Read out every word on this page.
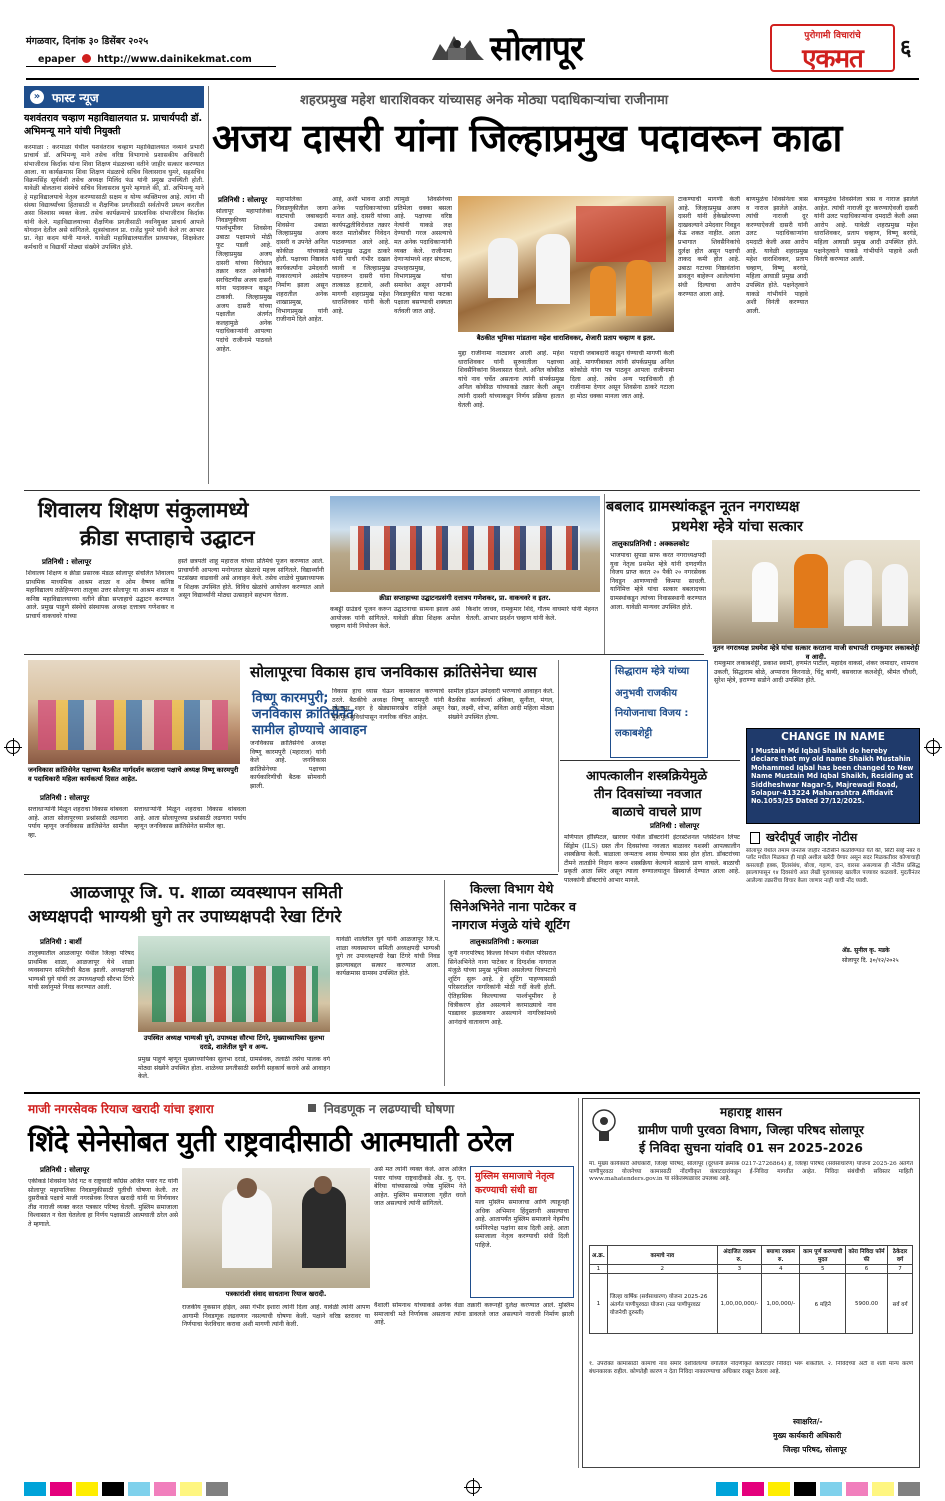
मंगळवार, दिनांक ३० डिसेंबर २०२५
epaper http://www.dainikekmat.com	सोलापूर	पुरोगामी विचारांचे
एकमत	६
» फास्ट न्यूज
यशवंतराव चव्हाण महाविद्यालयात प्र. प्राचार्यपदी डॉ. अभिमन्यू माने यांची नियुक्ती
करमाळा : करमाळा येथील यशवंतराव चव्हाण महाविद्यालयात नव्याने प्रभारी प्राचार्य डॉ. अभिमन्यू माने तसेच वरिष्ठ विभागाचे प्रशासकीय अधिकारी संभाजीराव किर्दाक यांना शिवा शिक्षण मंडळाच्या वतीने जाहीर सत्कार करण्यात आला. या कार्यक्रमास शिवा शिक्षण मंडळाचे सचिव विलासराव घुमरे, सहसचिव विक्रमसिंह सूर्यवंशी तसेच अध्यक्ष मिलिंद फंड यांनी प्रमुख उपस्थिती होती. यावेळी बोलताना संस्थेचे सचिव विलासराव घुमरे म्हणाले की, डॉ. अभिमन्यू माने हे महाविद्यालयाचे नेतृत्व करण्यासाठी सक्षम व योग्य व्यक्तिमत्त्व आहे. त्यांना मी संस्था विद्यार्थ्यांच्या हितासाठी व शैक्षणिक प्रगतीसाठी सर्वतोपरी प्रयत्न करतील असा विश्वास व्यक्त केला. तसेच कार्यक्रमाचे प्रास्ताविक संभाजीराव किर्दाक यांनी केले. महाविद्यालयाच्या शैक्षणिक प्रगतीसाठी नवनियुक्त प्राचार्य आपले योगदान देतील असे सांगितले. सूत्रसंचालन प्रा. राजेंद्र घुमरे यांनी केले तर आभार प्रा. नेहा कदम यांनी मानले. यावेळी महाविद्यालयातील प्राध्यापक, शिक्षकेतर कर्मचारी व विद्यार्थी मोठ्या संख्येने उपस्थित होते.
शहरप्रमुख महेश धाराशिवकर यांच्यासह अनेक मोठ्या पदाधिकाऱ्यांचा राजीनामा
अजय दासरी यांना जिल्हाप्रमुख पदावरून काढा
प्रतिनिधी : सोलापूर
सोलापूर महापालिका निवडणुकीच्या पार्श्वभूमीवर शिवसेना उबाठा पक्षामध्ये मोठी फूट पडली आहे. जिल्हाप्रमुख अजय दासरी यांच्या विरोधात तक्रार करत अनेकांनी सरचिटणीस अजय दासरी यांना पदावरून काढून टाकावी. जिल्हाप्रमुख अजय दासरी यांच्या पक्षातील अंतर्गत कलहामुळे अनेक पदाधिकाऱ्यांनी आपल्या पदांचे राजीनामे पाठवले आहेत.
महापालिका निवडणुकीतील जागा वाटपाची जबाबदारी शिवसेना उबाठा जिल्हाप्रमुख अजय दासरी व उपनेते अनिल कोकीळ यांच्याकडे होती. पक्षाच्या निष्ठावंत कार्यकर्त्यांना उमेदवारी नाकारल्याने असंतोष निर्माण झाला असून शहरातील अनेक शाखाप्रमुख, विभागप्रमुख यांनी राजीनामे दिले आहेत.
आहे, अशी भावना आदी अनेक पदाधिकाऱ्यांच्या मनात आहे. दासरी यांच्या कार्यपद्धतीविरोधात तक्रार करत मातोश्रीवर निवेदन पाठवण्यात आले आहे. पक्षप्रमुख उद्धव ठाकरे यांनी याची गंभीर दखल घ्यावी व जिल्हाप्रमुख पदावरून दासरी यांना तात्काळ हटवावे, अशी मागणी शहरप्रमुख महेश धाराशिवकर यांनी केली आहे.
त्यामुळे शिवसेनेच्या प्रतिमेला धक्का बसला आहे. पक्षाच्या वरिष्ठ नेत्यांनी याकडे लक्ष देण्याची गरज असल्याचे मत अनेक पदाधिकाऱ्यांनी व्यक्त केले. राजीनामा देणाऱ्यांमध्ये शहर संघटक, उपशहरप्रमुख, विभागप्रमुख यांचा समावेश असून आगामी निवडणुकीत याचा फटका पक्षाला बसण्याची शक्यता वर्तवली जात आहे.
बैठकीत भूमिका मांडताना महेश धाराशिवकर, शेजारी प्रताप चव्हाण व इतर.
टाकण्याची मागणी केली आहे. जिल्हाप्रमुख अजय दासरी यांनी हेकेखोरपणा दाखवल्याने उमेदवार निवडून येऊ शकत नाहीत. आता प्रभागात शिवसैनिकांचे दुर्लक्ष होत असून पक्षाची ताकद कमी होत आहे. उबाठा गटाच्या निष्ठावंतांना डावलून बाहेरून आलेल्यांना संधी दिल्याचा आरोप करण्यात आला आहे.
बाणमुळेच शिवसेनेला त्रास व नाराज झालेले आहेत. त्यांची नाराजी दूर करण्याऐवजी दासरी यांनी उलट पदाधिकाऱ्यांना दमदाटी केली असा आरोप आहे. यावेळी शहरप्रमुख महेश धाराशिवकर, प्रताप चव्हाण, विष्णू बरगंडे, महिला आघाडी प्रमुख आदी उपस्थित होते. पक्षनेतृत्वाने याकडे गांभीर्याने पाहावे अशी विनंती करण्यात आली.
बाणमुळेच शिवसेनेला त्रास व नाराज झालेले आहेत. त्यांची नाराजी दूर करण्याऐवजी दासरी यांनी उलट पदाधिकाऱ्यांना दमदाटी केली असा आरोप आहे. यावेळी शहरप्रमुख महेश धाराशिवकर, प्रताप चव्हाण, विष्णू बरगंडे, महिला आघाडी प्रमुख आदी उपस्थित होते. पक्षनेतृत्वाने याकडे गांभीर्याने पाहावे अशी विनंती करण्यात आली.
मुद्दा राजीनामा नाट्यावर आली आहे. महेश धाराशिवकर यांनी सुरुवातीला पक्षाच्या शिवसैनिकांना विश्वासात घेतले. अनिल कोकीळ यांचे नाव चर्चेत असताना त्यांनी संपर्कप्रमुख अनिल कोकीळ यांच्याकडे तक्रार केली असून त्यांनी दासरी यांच्याकडून निर्णय प्रक्रिया हातात घेतली आहे.
पदाची जबाबदारी काढून घेण्याची मागणी केली आहे. मागणीबाबत त्यांनी संपर्कप्रमुख अनिल कोकोळे यांना पत्र पाठवून आपला राजीनामा दिला आहे. तसेच अन्य पदाधिकारी ही राजीनामा देणार असून शिवसेना ठाकरे गटाला हा मोठा धक्का मानला जात आहे.
शिवालय शिक्षण संकुलामध्ये
क्रीडा सप्ताहाचे उद्घाटन
प्रतिनिधी : सोलापूर
शिवालय शिक्षण व क्रीडा प्रसारक मंडळ सोलापूर संचलित शिवालय प्राथमिक माध्यमिक आश्रम शाळा व ओम वैष्णव कनिष्ठ महाविद्यालय तळेहिप्परगा तालुका उत्तर सोलापूर या आश्रम शाळा व कनिष्ठ महाविद्यालयाच्या वतीने क्रीडा सप्ताहाचे उद्घाटन करण्यात आले. प्रमुख पाहुणे संस्थेचे संस्थापक अध्यक्ष दत्तात्रय गणेशकर व प्राचार्य वाकचवरे यांच्या
हस्ते छत्रपती शाहू महाराज यांच्या प्रतिमेचे पूजन करण्यात आले. प्राचार्यांनी आपल्या मनोगतात खेळाचे महत्त्व सांगितले. विद्यार्थ्यांनी पटसंख्या वाढवावी असे आवाहन केले. तसेच शाळेचे मुख्याध्यापक व शिक्षक उपस्थित होते. विविध खेळांचे आयोजन करण्यात आले असून विद्यार्थ्यांनी मोठ्या उत्साहाने सहभाग घेतला.	क्रीडा सप्ताहाच्या उद्घाटनप्रसंगी दत्तात्रय गणेशकर, प्रा. वाकचवरे व इतर.
कबड्डी ग्राउंडचे पूजन करून उद्घाटनाचा सामना झाला असे आयोजक यांनी सांगितले. यावेळी क्रीडा शिक्षक अमोल चव्हाण यांनी नियोजन केले.
किशोर जाधव, रामकुमार शिंदे, गौतम वाघमारे यांनी मेहनत घेतली. आभार प्रदर्शन चव्हाण यांनी केले.
बबलाद ग्रामस्थांकडून नूतन नगराध्यक्ष
प्रथमेश म्हेत्रे यांचा सत्कार
तालुकाप्रतिनिधी : अक्कलकोट
भाजपाचा सुपडा साफ करत नगराध्यक्षपदी युवा नेतृत्व प्रथमेश म्हेत्रे यांनी दणदणीत विजय प्राप्त करत २० पैकी २० नगरसेवक निवडून आणण्याची किमया साधली. यानिमित्त म्हेत्रे यांचा सत्कार बबलादच्या ग्रामस्थांकडून त्यांच्या निवासस्थानी करण्यात आला. यावेळी मान्यवर उपस्थित होते.
नूतन नगराध्यक्ष प्रथमेश म्हेत्रे यांचा सत्कार करताना माजी सभापती रामकुमार लकाबशेट्टी व आदी.
जनविकास क्रांतिसेनेत पक्षाच्या बैठकीत मार्गदर्शन करताना पक्षाचे अध्यक्ष विष्णू कारमपुरी व पदाधिकारी महिला कार्यकर्त्या दिसत आहेत.
प्रतिनिधी : सोलापूर
सत्ताधाऱ्यांनी मिळून शहराचा विकास थांबवला आहे. आता सोलापूरच्या प्रश्नांसाठी लढणारा पर्याय म्हणून जनविकास क्रांतिसेनेत सामील व्हा.
सोलापूरचा विकास हाच जनविकास क्रांतिसेनेचा ध्यास
विष्णू कारमपुरी;
जनविकास क्रांतिसेनेत
सामील होण्याचे आवाहन
जनविकास क्रांतिसेनेचे अध्यक्ष विष्णू कारमपुरी (महाराज) यांनी केले आहे. जनविकास क्रांतिसेनेच्या पक्षाच्या कार्यकारिणीची बैठक सोमवारी झाली.
सत्ताधाऱ्यांनी मिळून शहराचा विकास थांबवला आहे. आता सोलापूरच्या प्रश्नांसाठी लढणारा पर्याय म्हणून जनविकास क्रांतिसेनेत सामील व्हा.
विकास हाच ध्यास घेऊन कामकाज करण्याचे ठरले. बैठकीचे अध्यक्ष विष्णू कारमपुरी यांनी सोलापूर शहर हे खेड्यासारखेच राहिले असून मूलभूत सुविधांपासून नागरिक वंचित आहेत.
सामील होऊन उमेदवारी भरण्याचे आवाहन केले. बैठकीस कार्यकर्त्या अंबिका, सुनीता, मंगल, रेखा, लक्ष्मी, शोभा, सविता आदी महिला मोठ्या संख्येने उपस्थित होत्या.
सिद्धाराम म्हेत्रे यांच्या
अनुभवी राजकीय
नियोजनाचा विजय :
लकाबशेट्टी
रामकुमार लकाबशेट्टी, प्रकाश स्वामी, हणमंत पाटील, महादेव वाकसे, शंकर जमादार, शामराव उकली, सिद्धाराम बोळे, अप्पाराव किरनाळे, चिंटू बाणी, बसवराज कलशेट्टी, श्रीमंत चौधरी, सुरेश म्हेत्रे, इराण्णा सडोने आदी उपस्थित होते.
आपत्कालीन शस्त्रक्रियेमुळे
तीन दिवसांच्या नवजात
बाळाचे वाचले प्राण
प्रतिनिधी : सोलापूर
मणिपाल हॉस्पिटल, खारघर येथील डॉक्टरांनी इंटरस्टेशनल प्लेसेंटेशन लिफ्ट सिंड्रोम (ILS) ग्रस्त तीन दिवसांच्या नवजात बाळावर यशस्वी आपत्कालीन शस्त्रक्रिया केली. बाळाला जन्मतःच श्वास घेण्यास त्रास होत होता. डॉक्टरांच्या टीमने तातडीने निदान करून शस्त्रक्रिया केल्याने बाळाचे प्राण वाचले. बाळाची प्रकृती आता स्थिर असून त्याला रुग्णालयातून डिस्चार्ज देण्यात आला आहे. पालकांनी डॉक्टरांचे आभार मानले.
CHANGE IN NAME
I Mustain Md Iqbal Shaikh do hereby declare that my old name Shaikh Mustahin Mohammed Iqbal has been changed to New Name Mustain Md Iqbal Shaikh, Residing at Siddheshwar Nagar-5, Majrewadi Road, Solapur-413224 Maharashtra Affidavit No.1053/25 Dated 27/12/2025.
खरेदीपूर्व जाहीर नोटीस
सोलापूर येथील तमाम जनतेस जाहीर नोटीसीने कळविण्यात येते की, सिटी सर्व्हे नंबर व प्लॉट मधील मिळकत ही माझे अशील खरेदी घेणार असून सदर मिळकतीवर कोणाचाही कसलाही हक्क, हितसंबंध, बोजा, गहाण, दान, वारसा असल्यास ही नोटीस प्रसिद्ध झाल्यापासून १४ दिवसांचे आत लेखी पुराव्यासह खालील पत्त्यावर कळवावे. मुदतीनंतर आलेल्या तक्रारींचा विचार केला जाणार नाही याची नोंद घ्यावी.
ॲड. सुनील कृ. मडके
सोलापूर दि. ३०/१२/२०२५
आळजापूर जि. प. शाळा व्यवस्थापन समिती
अध्यक्षपदी भाग्यश्री घुगे तर उपाध्यक्षपदी रेखा टिंगरे
प्रतिनिधी : बार्शी
तालुक्यातील आळजापूर येथील जिल्हा परिषद प्राथमिक शाळा, आळजापूर येथे शाळा व्यवस्थापन समितीची बैठक झाली. अध्यक्षपदी भाग्यश्री घुगे यांची तर उपाध्यक्षपदी सौरभा टिंगरे यांची सर्वानुमते निवड करण्यात आली.
उपस्थित अध्यक्ष भाग्यश्री घुगे, उपाध्यक्ष सौरभा टिंगरे, मुख्याध्यापिका सुलभा दराडे, शालेतील घुगे व अन्य.
यावेळी शालेतील घुगे यांनी आळजापूर जि.प. शाळा व्यवस्थापन समिती अध्यक्षपदी भाग्यश्री घुगे तर उपाध्यक्षपदी रेखा टिंगरे यांची निवड झाल्याबद्दल सत्कार करण्यात आला. कार्यक्रमास ग्रामस्थ उपस्थित होते.
प्रमुख पाहुणे म्हणून मुख्याध्यापिका सुलभा दराडे, ग्रामसेवक, तलाठी तसेच पालक वर्ग मोठ्या संख्येने उपस्थित होता. शाळेच्या प्रगतीसाठी सर्वांनी सहकार्य करावे असे आवाहन केले.
किल्ला विभाग येथे
सिनेअभिनेते नाना पाटेकर व
नागराज मंजुळे यांचे शूटिंग
तालुकाप्रतिनिधी : करमाळा
जुनी नगरपरिषद किल्ला विभाग येथील परिसरात सिनेअभिनेते नाना पाटेकर व दिग्दर्शक नागराज मंजुळे यांच्या प्रमुख भूमिका असलेल्या चित्रपटाचे शूटिंग सुरू आहे. हे शूटिंग पाहण्यासाठी परिसरातील नागरिकांनी मोठी गर्दी केली होती. ऐतिहासिक किल्ल्याच्या पार्श्वभूमीवर हे चित्रीकरण होत असल्याने करमाळ्याचे नाव पडद्यावर झळकणार असल्याने नागरिकांमध्ये आनंदाचे वातावरण आहे.
माजी नगरसेवक रियाज खरादी यांचा इशारा	निवडणूक न लढण्याची घोषणा
शिंदे सेनेसोबत युती राष्ट्रवादीसाठी आत्मघाती ठरेल
प्रतिनिधी : सोलापूर
एकीकडे शिवसेना शिंदे गट व राष्ट्रवादी काँग्रेस अजित पवार गट यांनी सोलापूर महापालिका निवडणुकीसाठी युतीची घोषणा केली. तर दुसरीकडे पक्षाचे माजी नगरसेवक रियाज खरादी यांनी या निर्णयावर तीव्र नाराजी व्यक्त करत पत्रकार परिषद घेतली. मुस्लिम समाजाला विश्वासात न घेता घेतलेला हा निर्णय पक्षासाठी आत्मघाती ठरेल असे ते म्हणाले.
पत्रकारांशी संवाद साधताना रियाज खरादी.
राजकीय नुकसान होईल, असा गंभीर इशारा त्यांनी दिला आहे. यावेळी त्यांनी आपण आगामी निवडणूक लढवणार नसल्याची घोषणा केली. पक्षाने वरिष्ठ स्तरावर या निर्णयाचा फेरविचार करावा अशी मागणी त्यांनी केली.
असे मत त्यांनी व्यक्त केले. आज अजित पवार यांच्या राष्ट्रवादीकडे ॲड. यु. एन. बेरिया यांच्यासारखे ज्येष्ठ मुस्लिम नेते आहेत. मुस्लिम समाजाला गृहीत धरले जात असल्याचे त्यांनी सांगितले.
मुस्लिम समाजाचे नेतृत्व
करण्याची संधी द्या
मला मुस्लिम समाजाचा आणि त्याहूनही अधिक अभिमान हिंदुस्तानी असल्याचा आहे. आतापर्यंत मुस्लिम समाजाने नेहमीच धर्मनिरपेक्ष पक्षांना साथ दिली आहे. आता समाजाला नेतृत्व करण्याची संधी दिली पाहिजे.
वैशाली सोमनाथ यांच्याकडे अनेक वेळा तक्रारी करूनही दुर्लक्ष करण्यात आले. मुस्लिम समाजाची मते निर्णायक असताना त्यांना डावलले जात असल्याने नाराजी निर्माण झाली आहे.
महाराष्ट्र शासन
ग्रामीण पाणी पुरवठा विभाग, जिल्हा परिषद सोलापूर
ई निविदा सुचना यांवदि 01 सन 2025-2026
मा. मुख्य कार्यकारी अधिकारी, जिल्हा परिषद, सोलापूर (दूरध्वनी क्रमांक 0217-2726864) हे, जिल्हा परिषद (सर्वसाधारण) योजना 2025-26 अंतर्गत पाणीपुरवठा योजनेच्या कामासाठी नोंदणीकृत कंत्राटदारांकडून ई-निविदा मागवीत आहेत. निविदा संबंधीची सविस्तर माहिती www.mahatenders.gov.in या संकेतस्थळावर उपलब्ध आहे.
अ.क्र.	कामाचे नाव	अंदाजित रक्कम रु.	बयाणा रक्कम रु.	काम पूर्ण करण्याची मुदत	कोरा निविदा फॉर्म फी	ठेकेदार वर्ग
1	2	3	4	5	6	7
1	जिल्हा वार्षिक (सर्वसाधारण) योजना 2025-26 अंतर्गत पाणीपुरवठा योजना (नळ पाणीपुरवठा योजनेची दुरुस्ती)	1,00,00,000/-	1,00,000/-	6 महिने	5900.00	सर्व वर्ग
१. उपरोक्त कामासाठी कामाचे नाव समोर दर्शविलेल्या वर्गातील नोंदणीकृत कंत्राटदार निविदा भरू शकतील. २. निविदेच्या अटी व शर्ती मान्य करणे बंधनकारक राहील. कोणतेही कारण न देता निविदा नाकारण्याचा अधिकार राखून ठेवला आहे.
स्वाक्षरित/-
मुख्य कार्यकारी अधिकारी
जिल्हा परिषद, सोलापूर
